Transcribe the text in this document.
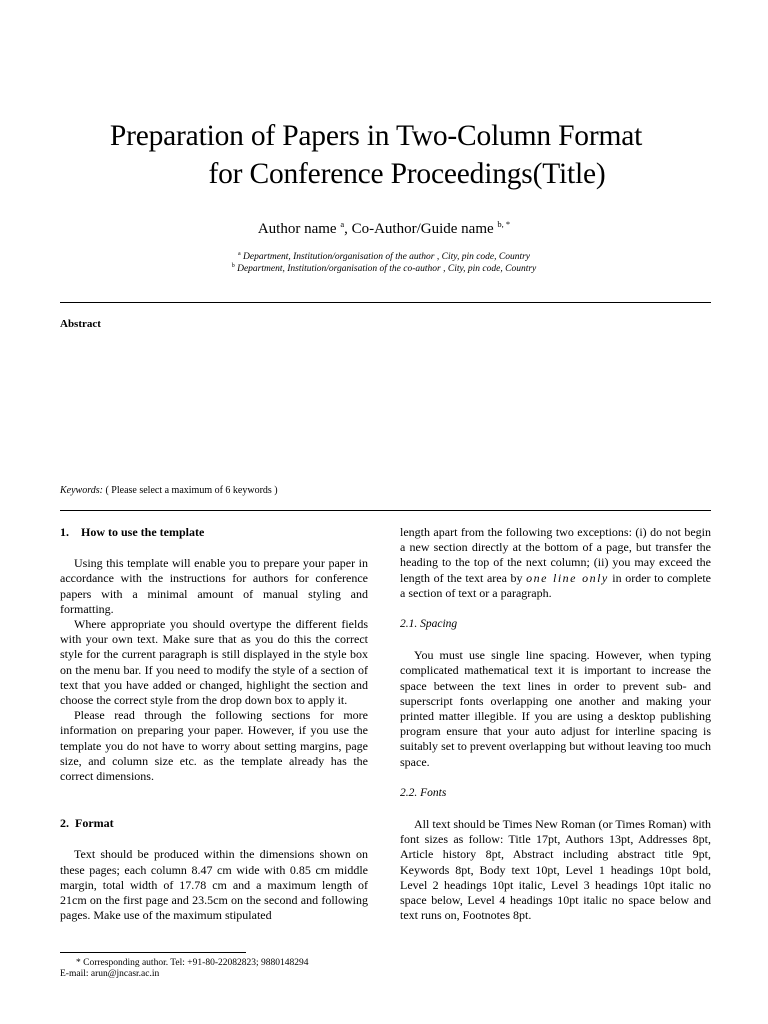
Preparation of Papers in Two-Column Format
for Conference Proceedings(Title)
Author name $^a$, Co-Author/Guide name $^{b, *}$
$^a$ Department, Institution/organisation of the author , City, pin code, Country
$^b$ Department, Institution/organisation of the co-author , City, pin code, Country
Abstract
Keywords: ( Please select a maximum of 6 keywords )
1. How to use the template

Using this template will enable you to prepare your paper in accordance with the instructions for authors for conference papers with a minimal amount of manual styling and formatting.

Where appropriate you should overtype the different fields with your own text. Make sure that as you do this the correct style for the current paragraph is still displayed in the style box on the menu bar. If you need to modify the style of a section of text that you have added or changed, highlight the section and choose the correct style from the drop down box to apply it.

Please read through the following sections for more information on preparing your paper. However, if you use the template you do not have to worry about setting margins, page size, and column size etc. as the template already has the correct dimensions.

2. Format

Text should be produced within the dimensions shown on these pages; each column 8.47 cm wide with 0.85 cm middle margin, total width of 17.78 cm and a maximum length of 21cm on the first page and 23.5cm on the second and following pages. Make use of the maximum stipulated

length apart from the following two exceptions: (i) do not begin a new section directly at the bottom of a page, but transfer the heading to the top of the next column; (ii) you may exceed the length of the text area by one line only in order to complete a section of text or a paragraph.

2.1. Spacing

You must use single line spacing. However, when typing complicated mathematical text it is important to increase the space between the text lines in order to prevent sub- and superscript fonts overlapping one another and making your printed matter illegible. If you are using a desktop publishing program ensure that your auto adjust for interline spacing is suitably set to prevent overlapping but without leaving too much space.

2.2. Fonts

All text should be Times New Roman (or Times Roman) with font sizes as follow: Title 17pt, Authors 13pt, Addresses 8pt, Article history 8pt, Abstract including abstract title 9pt, Keywords 8pt, Body text 10pt, Level 1 headings 10pt bold, Level 2 headings 10pt italic, Level 3 headings 10pt italic no space below, Level 4 headings 10pt italic no space below and text runs on, Footnotes 8pt.

* Corresponding author. Tel: +91-80-22082823; 9880148294
E-mail: arun@jncasr.ac.in
